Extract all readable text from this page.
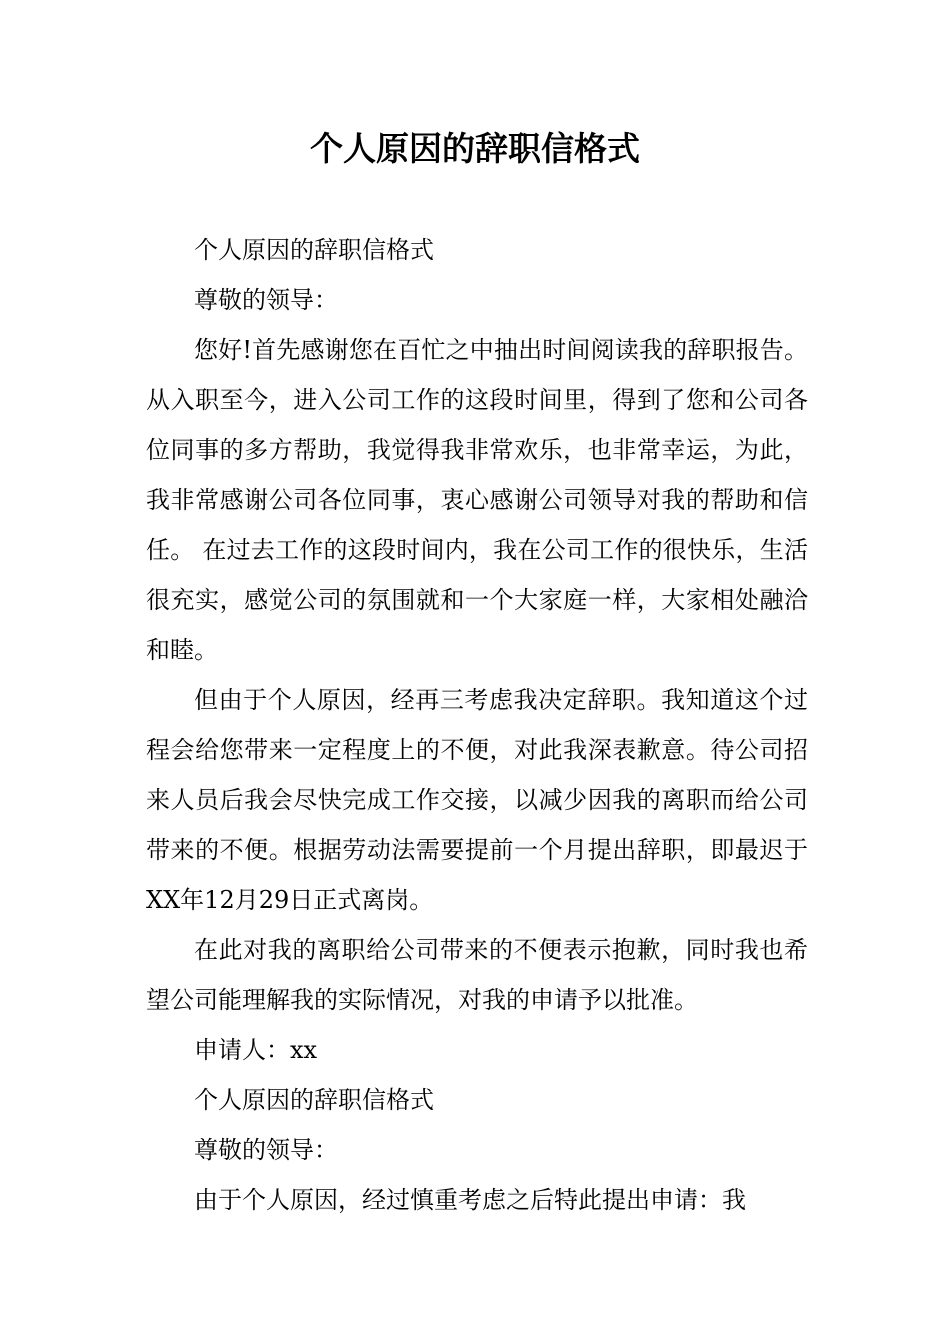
个人原因的辞职信格式

个人原因的辞职信格式

尊敬的领导：

您好!首先感谢您在百忙之中抽出时间阅读我的辞职报告。 从入职至今，进入公司工作的这段时间里，得到了您和公司各位同事的多方帮助，我觉得我非常欢乐，也非常幸运，为此，我非常感谢公司各位同事，衷心感谢公司领导对我的帮助和信任。 在过去工作的这段时间内，我在公司工作的很快乐，生活很充实，感觉公司的氛围就和一个大家庭一样，大家相处融洽和睦。

但由于个人原因，经再三考虑我决定辞职。我知道这个过程会给您带来一定程度上的不便，对此我深表歉意。待公司招来人员后我会尽快完成工作交接，以减少因我的离职而给公司带来的不便。根据劳动法需要提前一个月提出辞职，即最迟于XX年12月29日正式离岗。

在此对我的离职给公司带来的不便表示抱歉，同时我也希望公司能理解我的实际情况，对我的申请予以批准。

申请人：xx

个人原因的辞职信格式

尊敬的领导：

由于个人原因，经过慎重考虑之后特此提出申请：我
